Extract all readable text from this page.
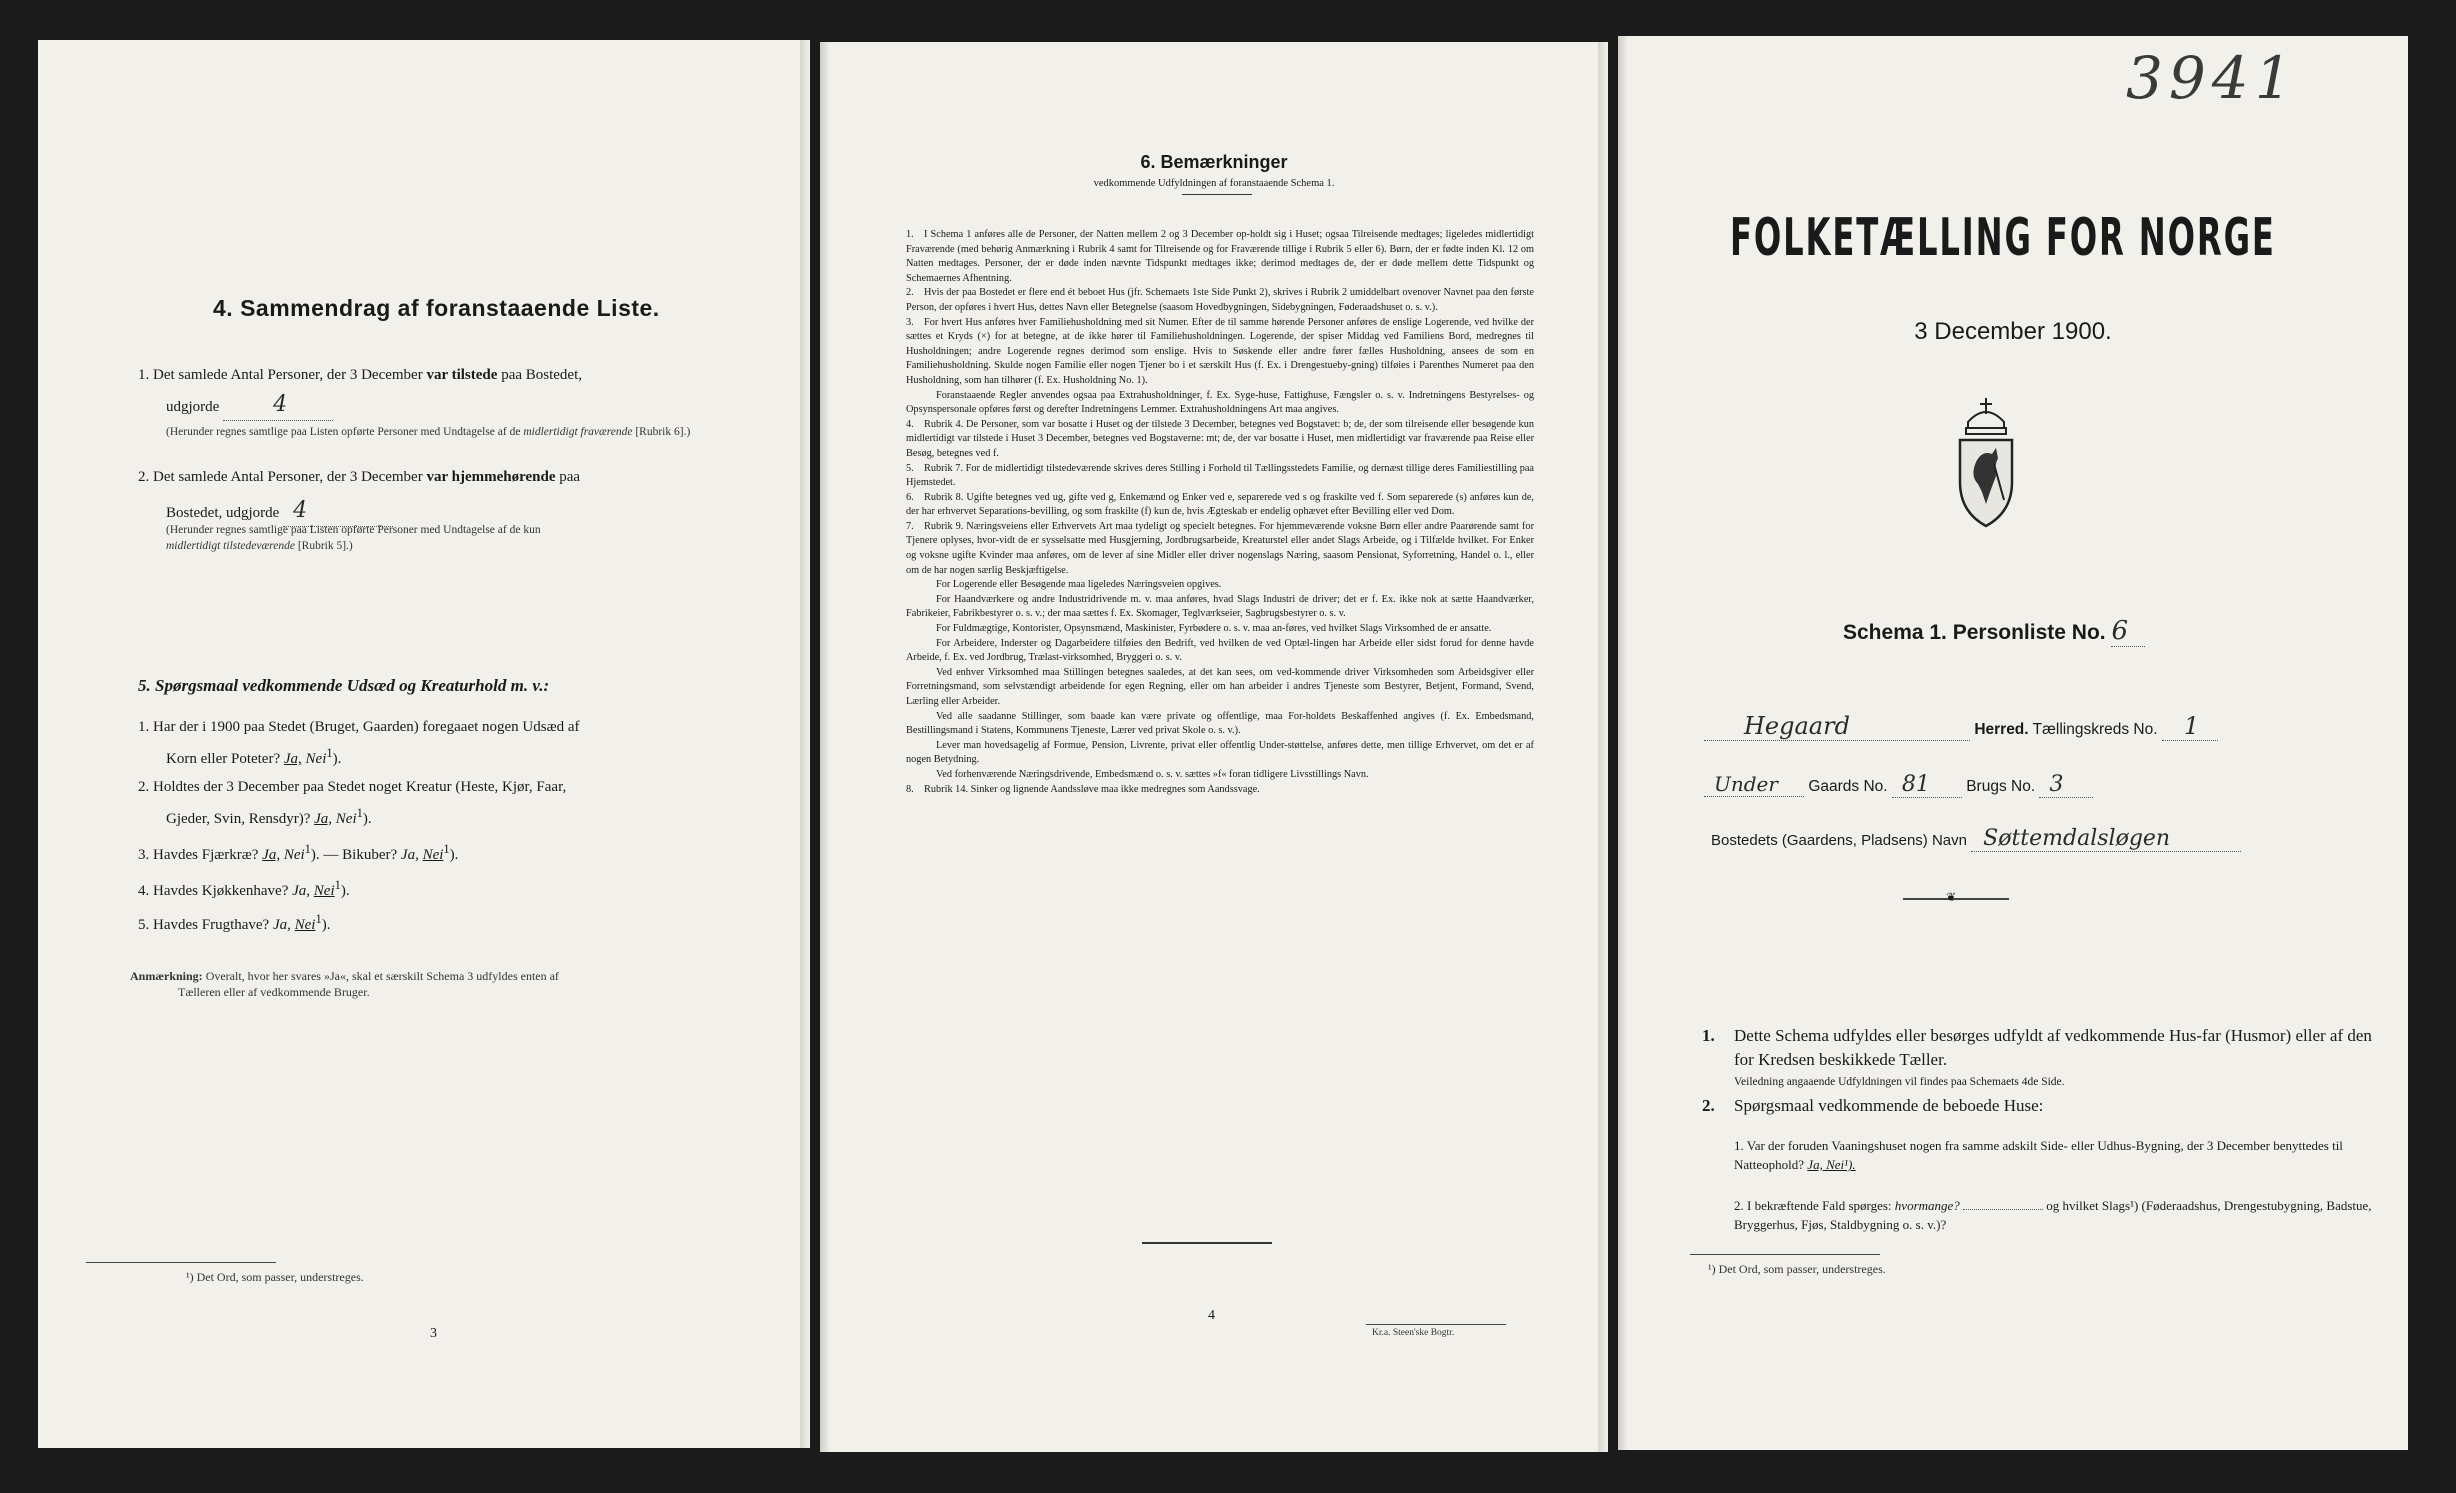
4. Sammendrag af foranstaaende Liste.
1. Det samlede Antal Personer, der 3 December var tilstede paa Bostedet,
udgjorde 4
(Herunder regnes samtlige paa Listen opførte Personer med Undtagelse af de midlertidigt fraværende [Rubrik 6].)
2. Det samlede Antal Personer, der 3 December var hjemmehørende paa
Bostedet, udgjorde 4
(Herunder regnes samtlige paa Listen opførte Personer med Undtagelse af de kun
midlertidigt tilstedeværende [Rubrik 5].)
5. Spørgsmaal vedkommende Udsæd og Kreaturhold m. v.:
1. Har der i 1900 paa Stedet (Bruget, Gaarden) foregaaet nogen Udsæd af
Korn eller Poteter? Ja, Nei$^1$).
2. Holdtes der 3 December paa Stedet noget Kreatur (Heste, Kjør, Faar,
Gjeder, Svin, Rensdyr)? Ja, Nei$^1$).
3. Havdes Fjærkræ? Ja, Nei$^1$). — Bikuber? Ja, Nei$^1$).
4. Havdes Kjøkkenhave? Ja, Nei$^1$).
5. Havdes Frugthave? Ja, Nei$^1$).
Anmærkning: Overalt, hvor her svares »Ja«, skal et særskilt Schema 3 udfyldes enten af
Tælleren eller af vedkommende Bruger.
¹) Det Ord, som passer, understreges.
3
6. Bemærkninger
vedkommende Udfyldningen af foranstaaende Schema 1.

1. I Schema 1 anføres alle de Personer, der Natten mellem 2 og 3 December op-holdt sig i Huset; ogsaa Tilreisende medtages; ligeledes midlertidigt Fraværende (med behørig Anmærkning i Rubrik 4 samt for Tilreisende og for Fraværende tillige i Rubrik 5 eller 6). Børn, der er fødte inden Kl. 12 om Natten medtages. Personer, der er døde inden nævnte Tidspunkt medtages ikke; derimod medtages de, der er døde mellem dette Tidspunkt og Schemaernes Afhentning.

2. Hvis der paa Bostedet er flere end ét beboet Hus (jfr. Schemaets 1ste Side Punkt 2), skrives i Rubrik 2 umiddelbart ovenover Navnet paa den første Person, der opføres i hvert Hus, dettes Navn eller Betegnelse (saasom Hovedbygningen, Sidebygningen, Føderaadshuset o. s. v.).

3. For hvert Hus anføres hver Familiehusholdning med sit Numer. Efter de til samme hørende Personer anføres de enslige Logerende, ved hvilke der sættes et Kryds (×) for at betegne, at de ikke hører til Familiehusholdningen. Logerende, der spiser Middag ved Familiens Bord, medregnes til Husholdningen; andre Logerende regnes derimod som enslige. Hvis to Søskende eller andre fører fælles Husholdning, ansees de som en Familiehusholdning. Skulde nogen Familie eller nogen Tjener bo i et særskilt Hus (f. Ex. i Drengestueby-gning) tilføies i Parenthes Numeret paa den Husholdning, som han tilhører (f. Ex. Husholdning No. 1).

Foranstaaende Regler anvendes ogsaa paa Extrahusholdninger, f. Ex. Syge-huse, Fattighuse, Fængsler o. s. v. Indretningens Bestyrelses- og Opsynspersonale opføres først og derefter Indretningens Lemmer. Extrahusholdningens Art maa angives.

4. Rubrik 4. De Personer, som var bosatte i Huset og der tilstede 3 December, betegnes ved Bogstavet: b; de, der som tilreisende eller besøgende kun midlertidigt var tilstede i Huset 3 December, betegnes ved Bogstaverne: mt; de, der var bosatte i Huset, men midlertidigt var fraværende paa Reise eller Besøg, betegnes ved f.

5. Rubrik 7. For de midlertidigt tilstedeværende skrives deres Stilling i Forhold til Tællingsstedets Familie, og dernæst tillige deres Familiestilling paa Hjemstedet.

6. Rubrik 8. Ugifte betegnes ved ug, gifte ved g, Enkemænd og Enker ved e, separerede ved s og fraskilte ved f. Som separerede (s) anføres kun de, der har erhvervet Separations-bevilling, og som fraskilte (f) kun de, hvis Ægteskab er endelig ophævet efter Bevilling eller ved Dom.

7. Rubrik 9. Næringsveiens eller Erhvervets Art maa tydeligt og specielt betegnes. For hjemmeværende voksne Børn eller andre Paarørende samt for Tjenere oplyses, hvor-vidt de er sysselsatte med Husgjerning, Jordbrugsarbeide, Kreaturstel eller andet Slags Arbeide, og i Tilfælde hvilket. For Enker og voksne ugifte Kvinder maa anføres, om de lever af sine Midler eller driver nogenslags Næring, saasom Pensionat, Syforretning, Handel o. l., eller om de har nogen særlig Beskjæftigelse.

For Logerende eller Besøgende maa ligeledes Næringsveien opgives.

For Haandværkere og andre Industridrivende m. v. maa anføres, hvad Slags Industri de driver; det er f. Ex. ikke nok at sætte Haandværker, Fabrikeier, Fabrikbestyrer o. s. v.; der maa sættes f. Ex. Skomager, Teglværkseier, Sagbrugsbestyrer o. s. v.

For Fuldmægtige, Kontorister, Opsynsmænd, Maskinister, Fyrbødere o. s. v. maa an-føres, ved hvilket Slags Virksomhed de er ansatte.

For Arbeidere, Inderster og Dagarbeidere tilføies den Bedrift, ved hvilken de ved Optæl-lingen har Arbeide eller sidst forud for denne havde Arbeide, f. Ex. ved Jordbrug, Trælast-virksomhed, Bryggeri o. s. v.

Ved enhver Virksomhed maa Stillingen betegnes saaledes, at det kan sees, om ved-kommende driver Virksomheden som Arbeidsgiver eller Forretningsmand, som selvstændigt arbeidende for egen Regning, eller om han arbeider i andres Tjeneste som Bestyrer, Betjent, Formand, Svend, Lærling eller Arbeider.

Ved alle saadanne Stillinger, som baade kan være private og offentlige, maa For-holdets Beskaffenhed angives (f. Ex. Embedsmand, Bestillingsmand i Statens, Kommunens Tjeneste, Lærer ved privat Skole o. s. v.).

Lever man hovedsagelig af Formue, Pension, Livrente, privat eller offentlig Under-støttelse, anføres dette, men tillige Erhvervet, om det er af nogen Betydning.

Ved forhenværende Næringsdrivende, Embedsmænd o. s. v. sættes »f« foran tidligere Livsstillings Navn.

8. Rubrik 14. Sinker og lignende Aandssløve maa ikke medregnes som Aandssvage.

4
Kr.a. Steen'ske Bogtr.
3941
FOLKETÆLLING FOR NORGE
3 December 1900.
Schema 1. Personliste No. 6
Hegaard	Herred. Tællingskreds No. 1
Under Gaards No. 81 Brugs No. 3
Bostedets (Gaardens, Pladsens) Navn Søttemdalsløgen
❦
1.	Dette Schema udfyldes eller besørges udfyldt af vedkommende Hus-far (Husmor) eller af den for Kredsen beskikkede Tæller.
Veiledning angaaende Udfyldningen vil findes paa Schemaets 4de Side.
2.	Spørgsmaal vedkommende de beboede Huse:
1. Var der foruden Vaaningshuset nogen fra samme adskilt Side- eller Udhus-Bygning, der 3 December benyttedes til Natteophold? Ja, Nei¹).
2. I bekræftende Fald spørges: hvormange?	og hvilket Slags¹) (Føderaadshus, Drengestubygning, Badstue, Bryggerhus, Fjøs, Staldbygning o. s. v.)?
¹) Det Ord, som passer, understreges.
